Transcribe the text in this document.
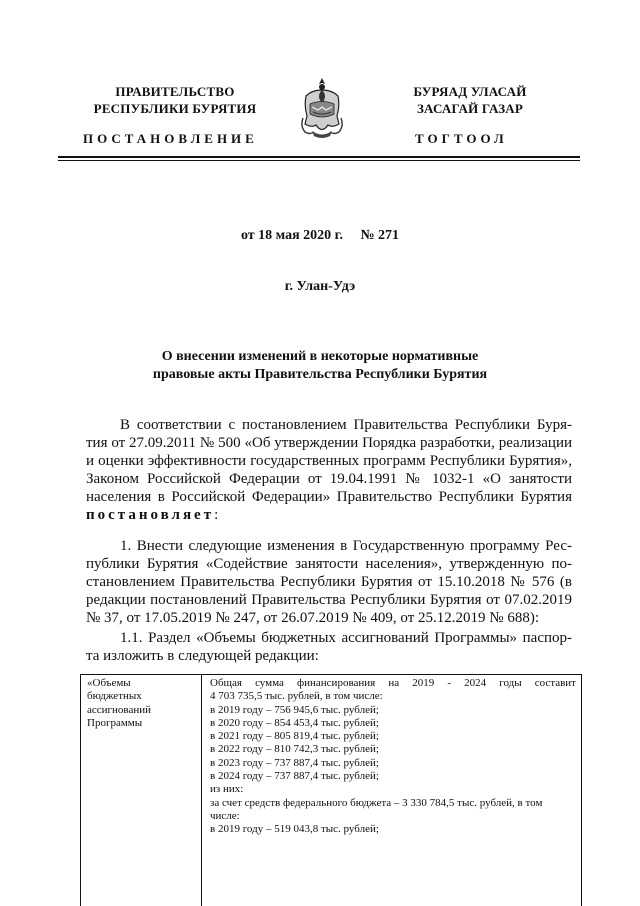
ПРАВИТЕЛЬСТВО
РЕСПУБЛИКИ БУРЯТИЯ
БУРЯАД УЛАСАЙ
ЗАСАГАЙ ГАЗАР
ПОСТАНОВЛЕНИЕ	ТОГТООЛ
от 18 мая 2020 г.     № 271
г. Улан-Удэ
О внесении изменений в некоторые нормативные
правовые акты Правительства Республики Бурятия
В соответствии с постановлением Правительства Республики Буря-
тия от 27.09.2011 № 500 «Об утверждении Порядка разработки, реализации
и оценки эффективности государственных программ Республики Бурятия»,
Законом Российской Федерации от 19.04.1991 № 1032-1 «О занятости
населения в Российской Федерации» Правительство Республики Бурятия
постановляет:
1. Внести следующие изменения в Государственную программу Рес-
публики Бурятия «Содействие занятости населения», утвержденную по-
становлением Правительства Республики Бурятия от 15.10.2018 № 576 (в
редакции постановлений Правительства Республики Бурятия от 07.02.2019
№ 37, от 17.05.2019 № 247, от 26.07.2019 № 409, от 25.12.2019 № 688):
1.1. Раздел «Объемы бюджетных ассигнований Программы» паспор-
та изложить в следующей редакции:
«Объемы
бюджетных
ассигнований
Программы
Общая сумма финансирования на 2019 - 2024 годы составит
4 703 735,5 тыс. рублей, в том числе:
в 2019 году – 756 945,6 тыс. рублей;
в 2020 году – 854 453,4 тыс. рублей;
в 2021 году – 805 819,4 тыс. рублей;
в 2022 году – 810 742,3 тыс. рублей;
в 2023 году – 737 887,4 тыс. рублей;
в 2024 году – 737 887,4 тыс. рублей;
из них:
за счет средств федерального бюджета – 3 330 784,5 тыс. рублей, в том
числе:
в 2019 году – 519 043,8 тыс. рублей;
